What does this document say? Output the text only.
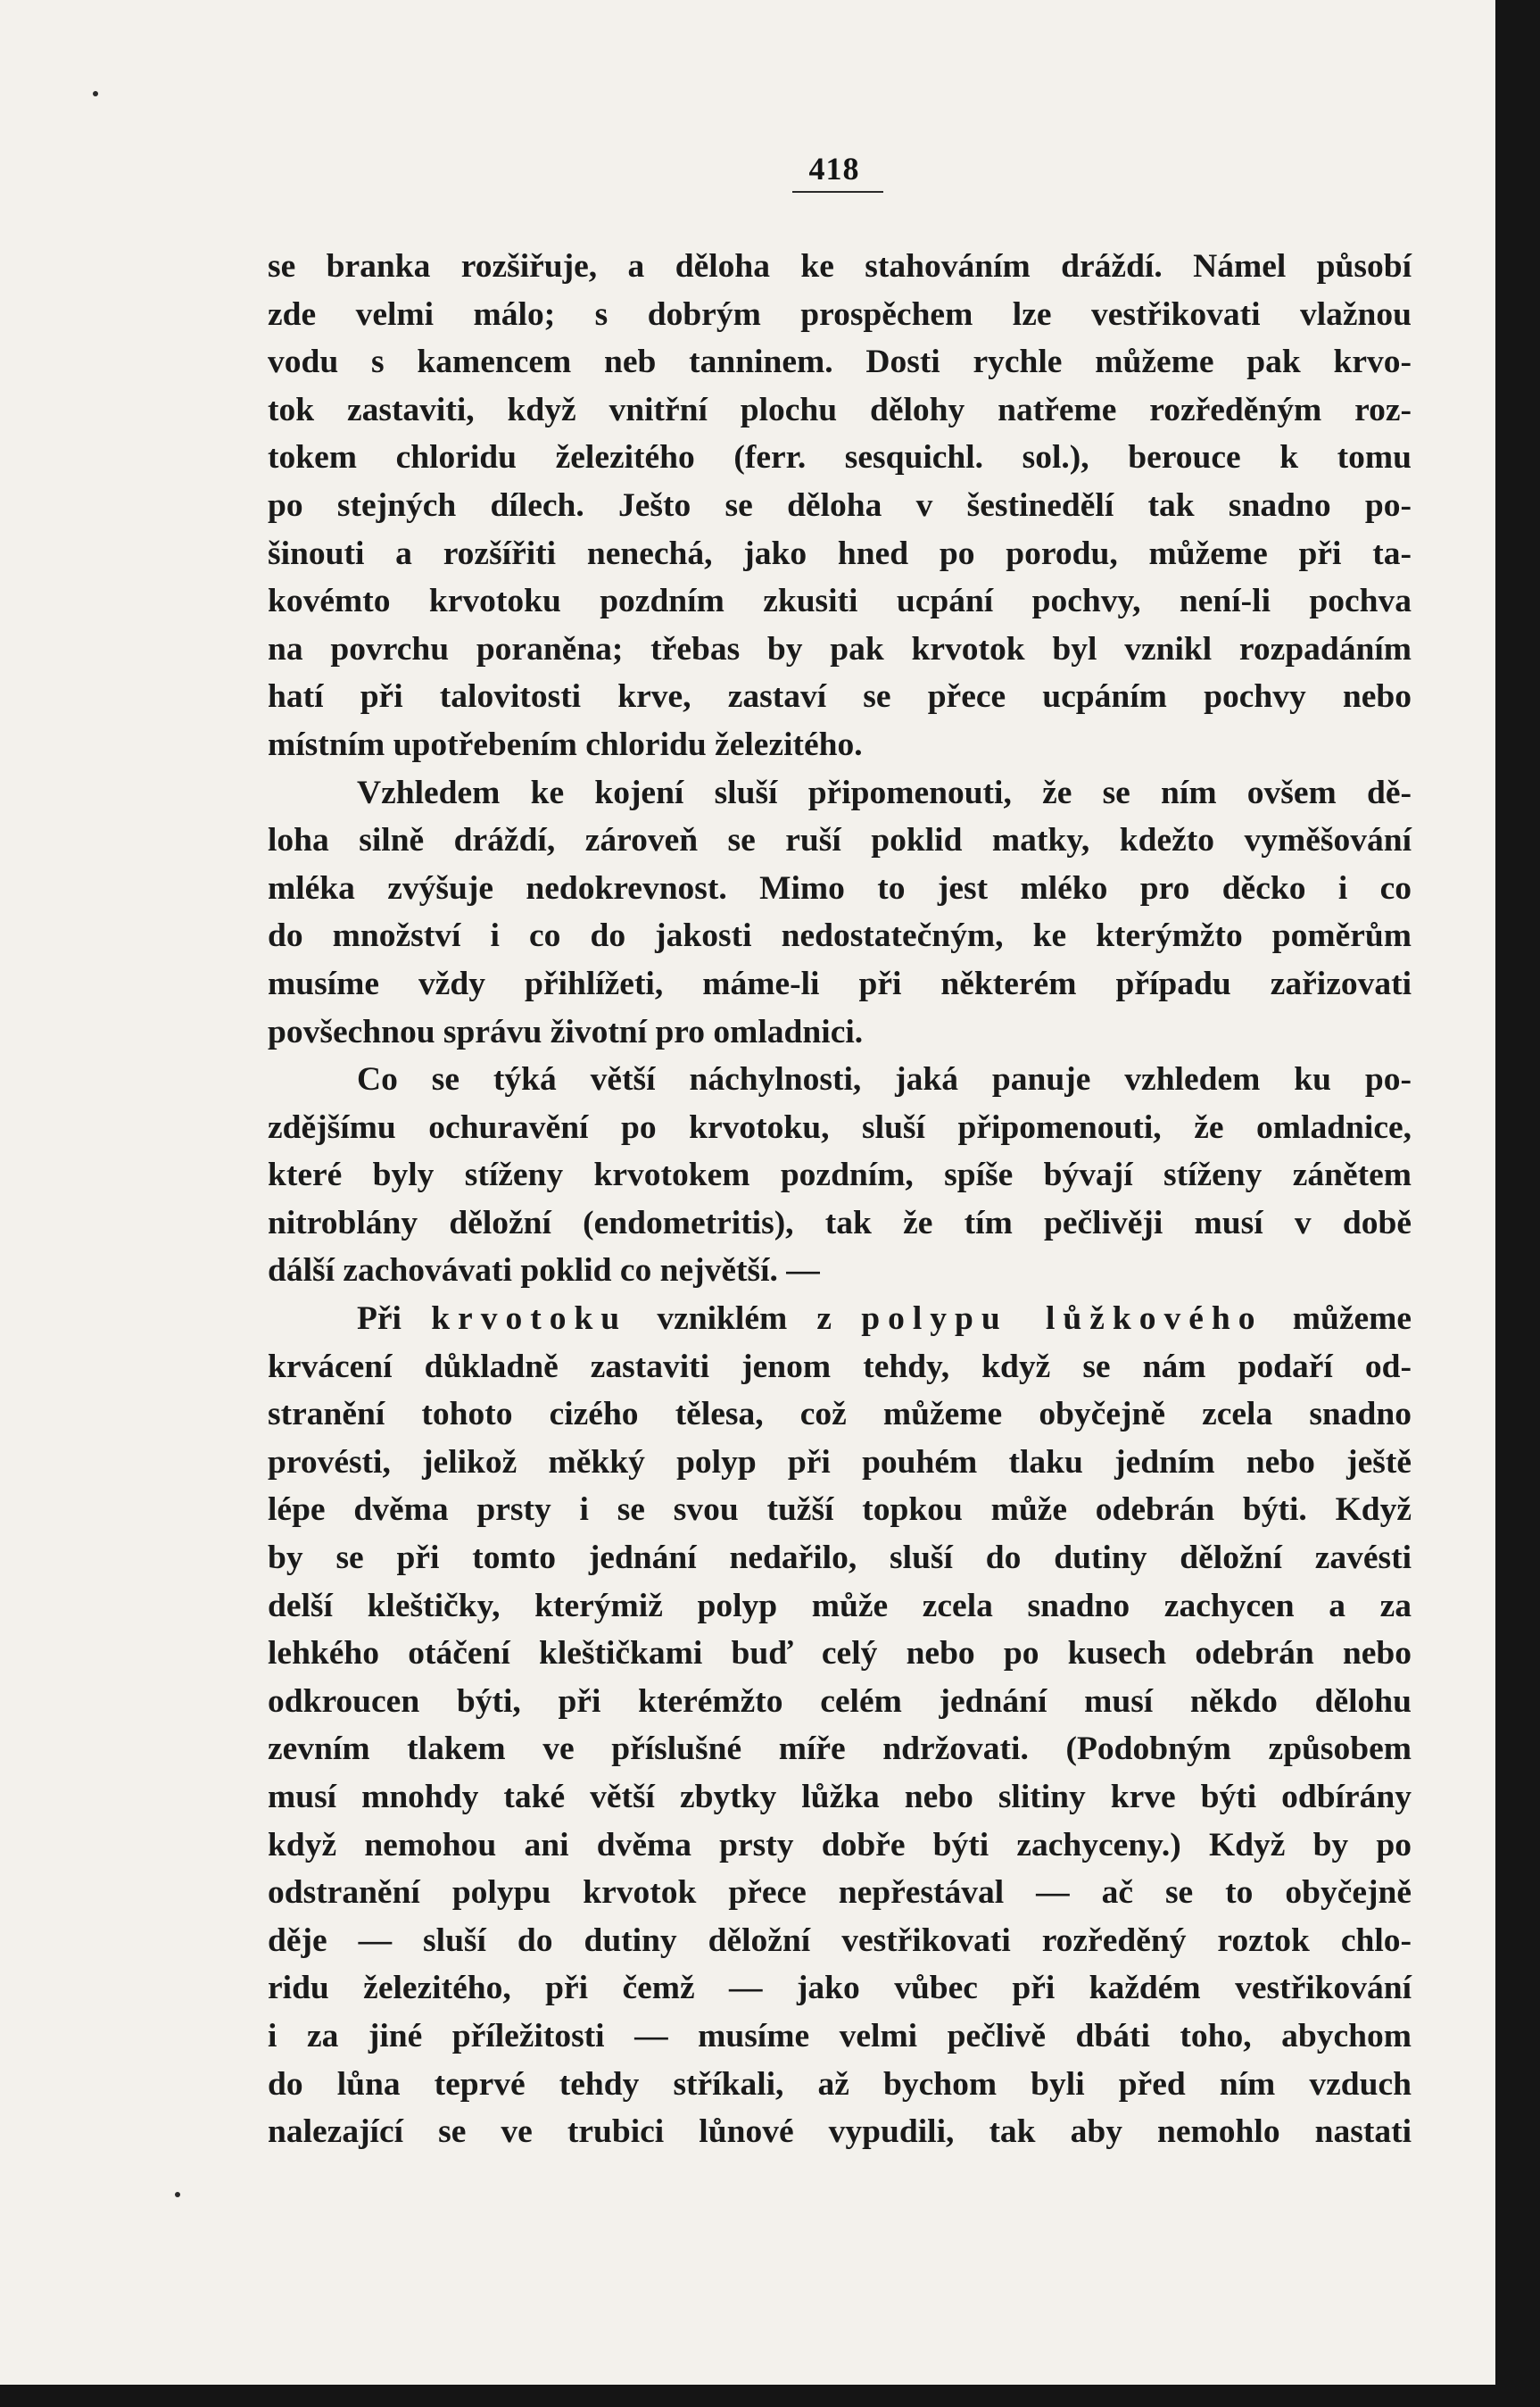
418
se branka rozšiřuje, a děloha ke stahováním dráždí. Námel působí
zde velmi málo; s dobrým prospěchem lze vestřikovati vlažnou
vodu s kamencem neb tanninem. Dosti rychle můžeme pak krvo-
tok zastaviti, když vnitřní plochu dělohy natřeme rozředěným roz-
tokem chloridu železitého (ferr. sesquichl. sol.), berouce k tomu
po stejných dílech. Ješto se děloha v šestinedělí tak snadno po-
šinouti a rozšířiti nenechá, jako hned po porodu, můžeme při ta-
kovémto krvotoku pozdním zkusiti ucpání pochvy, není-li pochva
na povrchu poraněna; třebas by pak krvotok byl vznikl rozpadáním
hatí při talovitosti krve, zastaví se přece ucpáním pochvy nebo
místním upotřebením chloridu železitého.
Vzhledem ke kojení sluší připomenouti, že se ním ovšem dě-
loha silně dráždí, zároveň se ruší poklid matky, kdežto vyměšování
mléka zvýšuje nedokrevnost. Mimo to jest mléko pro děcko i co
do množství i co do jakosti nedostatečným, ke kterýmžto poměrům
musíme vždy přihlížeti, máme-li při některém případu zařizovati
povšechnou správu životní pro omladnici.
Co se týká větší náchylnosti, jaká panuje vzhledem ku po-
zdějšímu ochuravění po krvotoku, sluší připomenouti, že omladnice,
které byly stíženy krvotokem pozdním, spíše bývají stíženy zánětem
nitroblány děložní (endometritis), tak že tím pečlivěji musí v době
dálší zachovávati poklid co největší. —
Při krvotoku vzniklém z polypu lůžkového můžeme
krvácení důkladně zastaviti jenom tehdy, když se nám podaří od-
stranění tohoto cizého tělesa, což můžeme obyčejně zcela snadno
provésti, jelikož měkký polyp při pouhém tlaku jedním nebo ještě
lépe dvěma prsty i se svou tužší topkou může odebrán býti. Když
by se při tomto jednání nedařilo, sluší do dutiny děložní zavésti
delší kleštičky, kterýmiž polyp může zcela snadno zachycen a za
lehkého otáčení kleštičkami buď celý nebo po kusech odebrán nebo
odkroucen býti, při kterémžto celém jednání musí někdo dělohu
zevním tlakem ve příslušné míře ndržovati. (Podobným způsobem
musí mnohdy také větší zbytky lůžka nebo slitiny krve býti odbírány
když nemohou ani dvěma prsty dobře býti zachyceny.) Když by po
odstranění polypu krvotok přece nepřestával — ač se to obyčejně
děje — sluší do dutiny děložní vestřikovati rozředěný roztok chlo-
ridu železitého, při čemž — jako vůbec při každém vestřikování
i za jiné příležitosti — musíme velmi pečlivě dbáti toho, abychom
do lůna teprvé tehdy stříkali, až bychom byli před ním vzduch
nalezající se ve trubici lůnové vypudili, tak aby nemohlo nastati
